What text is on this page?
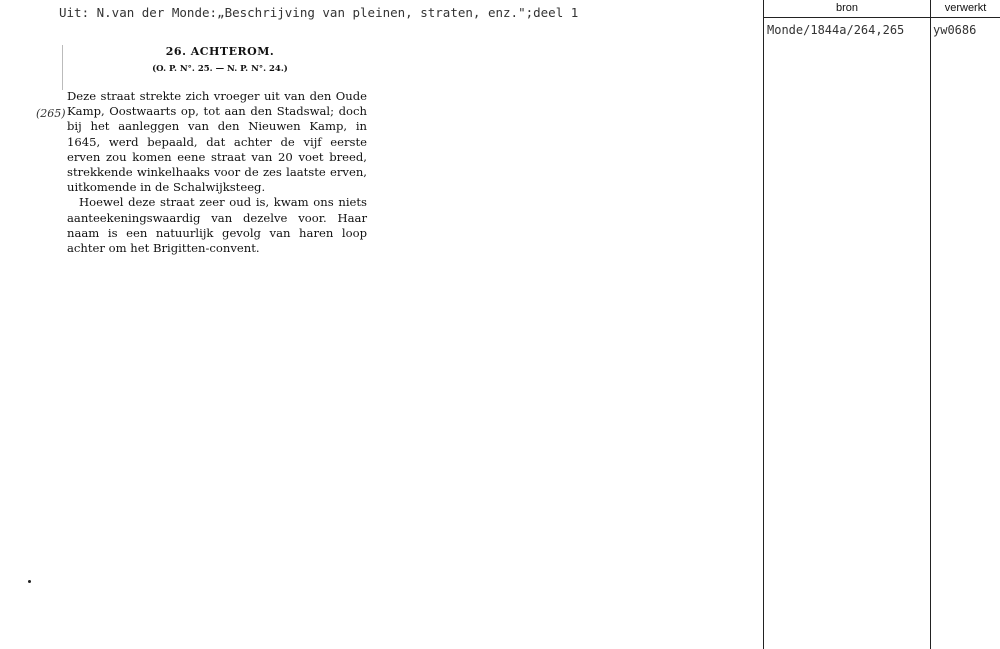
Uit: N.van der Monde:„Beschrijving van pleinen, straten, enz.";deel 1
26. ACHTEROM.
(O. P. N°. 25. — N. P. N°. 24.)
(265)

Deze straat strekte zich vroeger uit van den Oude Kamp, Oostwaarts op, tot aan den Stadswal; doch bij het aanleggen van den Nieuwen Kamp, in 1645, werd bepaald, dat achter de vijf eerste erven zou komen eene straat van 20 voet breed, strekkende winkelhaaks voor de zes laatste erven, uitkomende in de Schalwijksteeg.

Hoewel deze straat zeer oud is, kwam ons niets aanteekeningswaardig van dezelve voor. Haar naam is een natuurlijk gevolg van haren loop achter om het Brigitten-convent.

bron	verwerkt
Monde/1844a/264,265 yw0686
